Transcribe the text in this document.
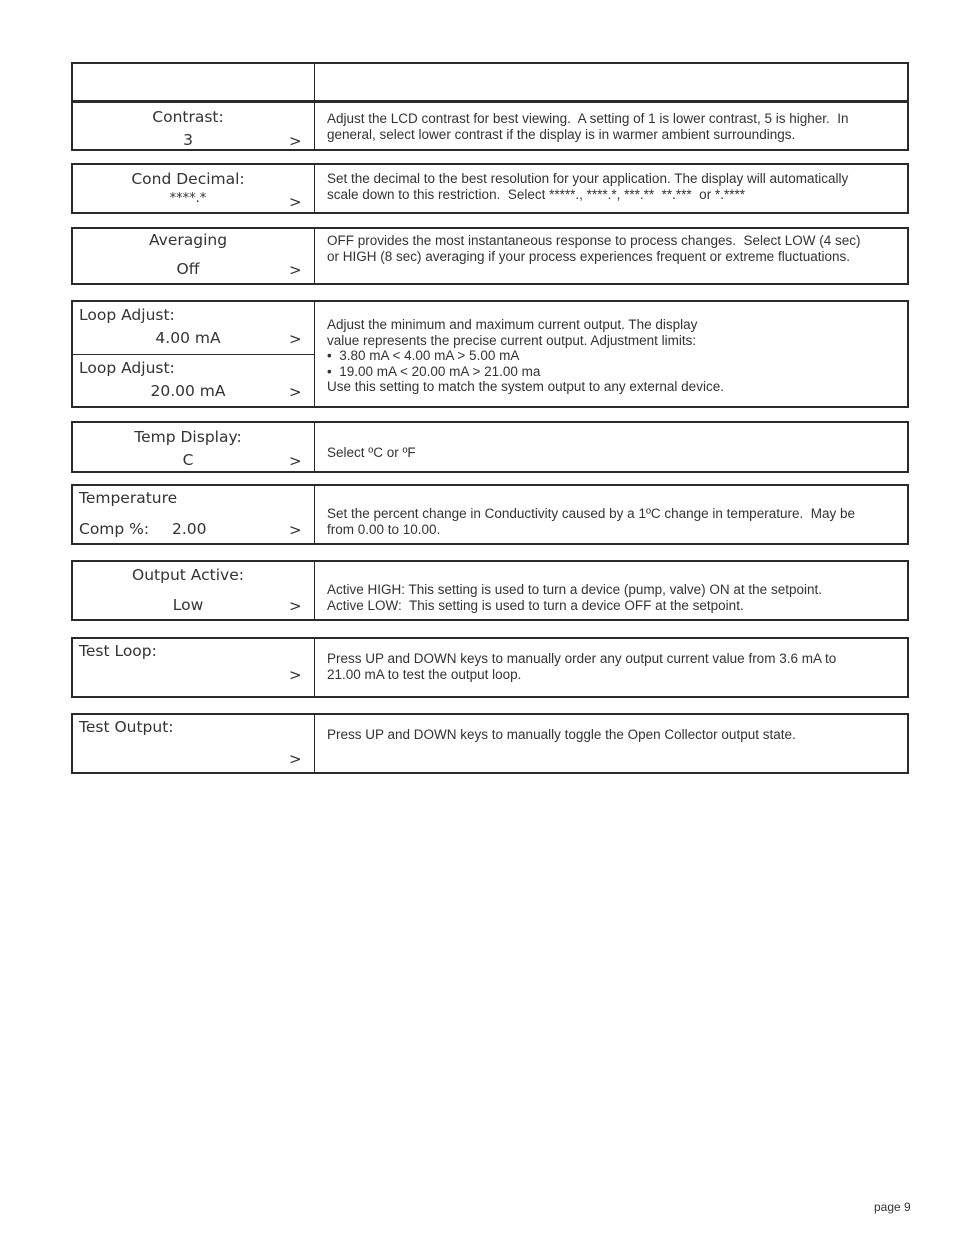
Contrast:
3	>
Adjust the LCD contrast for best viewing.  A setting of 1 is lower contrast, 5 is higher.  In
general, select lower contrast if the display is in warmer ambient surroundings.
Cond Decimal:
****.*	>
Set the decimal to the best resolution for your application. The display will automatically
scale down to this restriction.  Select *****., ****.*, ***.**  **.***  or *.****
Averaging
Off	>
OFF provides the most instantaneous response to process changes.  Select LOW (4 sec)
or HIGH (8 sec) averaging if your process experiences frequent or extreme fluctuations.
Loop Adjust:
4.00 mA	>
Loop Adjust:
20.00 mA	>
Adjust the minimum and maximum current output. The display
value represents the precise current output. Adjustment limits:
•  3.80 mA < 4.00 mA > 5.00 mA
•  19.00 mA < 20.00 mA > 21.00 ma
Use this setting to match the system output to any external device.
Temp Display:
C	> Select ºC or ºF
Temperature
Comp %: 2.00	>
Set the percent change in Conductivity caused by a 1ºC change in temperature.  May be
from 0.00 to 10.00.
Output Active:
Low	>
Active HIGH: This setting is used to turn a device (pump, valve) ON at the setpoint.
Active LOW:  This setting is used to turn a device OFF at the setpoint.
Test Loop:
>
Press UP and DOWN keys to manually order any output current value from 3.6 mA to
21.00 mA to test the output loop.
Test Output:
>
Press UP and DOWN keys to manually toggle the Open Collector output state.
page 9
